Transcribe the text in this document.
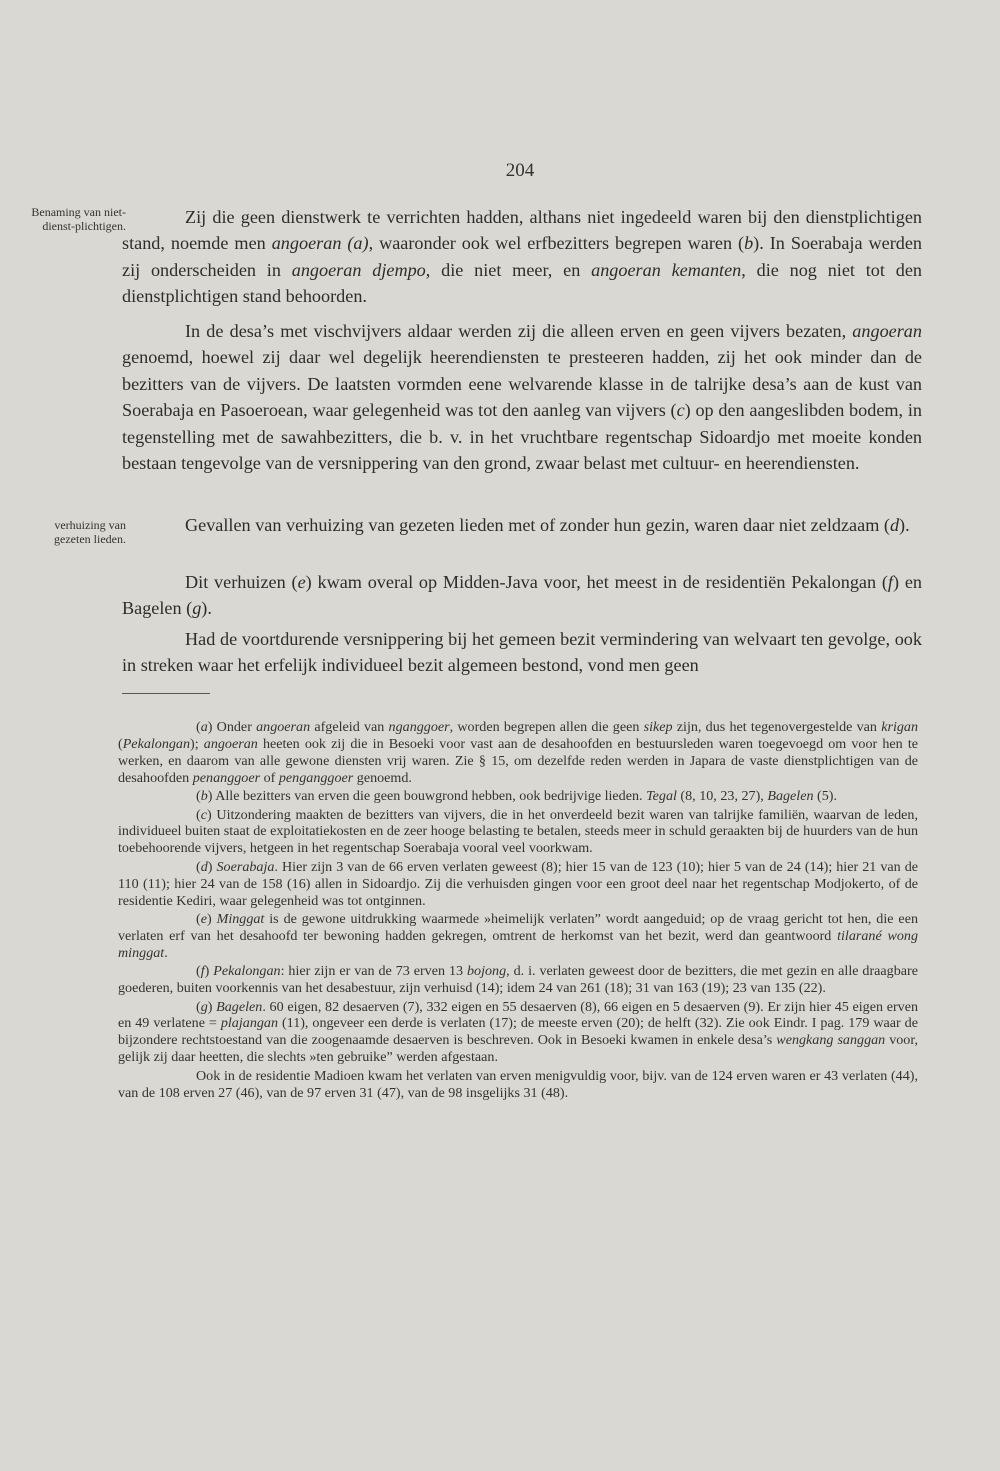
204
Benaming van niet-dienst-plichtigen.
verhuizing van gezeten lieden.

Zij die geen dienstwerk te verrichten hadden, althans niet ingedeeld waren bij den dienstplichtigen stand, noemde men angoeran (a), waaronder ook wel erfbezitters begrepen waren (b). In Soerabaja werden zij onderscheiden in angoeran djempo, die niet meer, en angoeran kemanten, die nog niet tot den dienstplichtigen stand behoorden.

In de desa’s met vischvijvers aldaar werden zij die alleen erven en geen vijvers bezaten, angoeran genoemd, hoewel zij daar wel degelijk heerendiensten te presteeren hadden, zij het ook minder dan de bezitters van de vijvers. De laatsten vormden eene welvarende klasse in de talrijke desa’s aan de kust van Soerabaja en Pasoeroean, waar gelegenheid was tot den aanleg van vijvers (c) op den aangeslibden bodem, in tegenstelling met de sawahbezitters, die b. v. in het vruchtbare regentschap Sidoardjo met moeite konden bestaan tengevolge van de versnippering van den grond, zwaar belast met cultuur- en heerendiensten.

Gevallen van verhuizing van gezeten lieden met of zonder hun gezin, waren daar niet zeldzaam (d).

Dit verhuizen (e) kwam overal op Midden-Java voor, het meest in de residentiën Pekalongan (f) en Bagelen (g).

Had de voortdurende versnippering bij het gemeen bezit vermindering van welvaart ten gevolge, ook in streken waar het erfelijk individueel bezit algemeen bestond, vond men geen

(a) Onder angoeran afgeleid van nganggoer, worden begrepen allen die geen sikep zijn, dus het tegenovergestelde van krigan (Pekalongan); angoeran heeten ook zij die in Besoeki voor vast aan de desahoofden en bestuursleden waren toegevoegd om voor hen te werken, en daarom van alle gewone diensten vrij waren. Zie § 15, om dezelfde reden werden in Japara de vaste dienstplichtigen van de desahoofden penanggoer of penganggoer genoemd.

(b) Alle bezitters van erven die geen bouwgrond hebben, ook bedrijvige lieden. Tegal (8, 10, 23, 27), Bagelen (5).

(c) Uitzondering maakten de bezitters van vijvers, die in het onverdeeld bezit waren van talrijke familiën, waarvan de leden, individueel buiten staat de exploitatiekosten en de zeer hooge belasting te betalen, steeds meer in schuld geraakten bij de huurders van de hun toebehoorende vijvers, hetgeen in het regentschap Soerabaja vooral veel voorkwam.

(d) Soerabaja. Hier zijn 3 van de 66 erven verlaten geweest (8); hier 15 van de 123 (10); hier 5 van de 24 (14); hier 21 van de 110 (11); hier 24 van de 158 (16) allen in Sidoardjo. Zij die verhuisden gingen voor een groot deel naar het regentschap Modjokerto, of de residentie Kediri, waar gelegenheid was tot ontginnen.

(e) Minggat is de gewone uitdrukking waarmede »heimelijk verlaten” wordt aangeduid; op de vraag gericht tot hen, die een verlaten erf van het desahoofd ter bewoning hadden gekregen, omtrent de herkomst van het bezit, werd dan geantwoord tilarané wong minggat.

(f) Pekalongan: hier zijn er van de 73 erven 13 bojong, d. i. verlaten geweest door de bezitters, die met gezin en alle draagbare goederen, buiten voorkennis van het desabestuur, zijn verhuisd (14); idem 24 van 261 (18); 31 van 163 (19); 23 van 135 (22).

(g) Bagelen. 60 eigen, 82 desaerven (7), 332 eigen en 55 desaerven (8), 66 eigen en 5 desaerven (9). Er zijn hier 45 eigen erven en 49 verlatene = plajangan (11), ongeveer een derde is verlaten (17); de meeste erven (20); de helft (32). Zie ook Eindr. I pag. 179 waar de bijzondere rechtstoestand van die zoogenaamde desaerven is beschreven. Ook in Besoeki kwamen in enkele desa’s wengkang sanggan voor, gelijk zij daar heetten, die slechts »ten gebruike” werden afgestaan.

Ook in de residentie Madioen kwam het verlaten van erven menigvuldig voor, bijv. van de 124 erven waren er 43 verlaten (44), van de 108 erven 27 (46), van de 97 erven 31 (47), van de 98 insgelijks 31 (48).
